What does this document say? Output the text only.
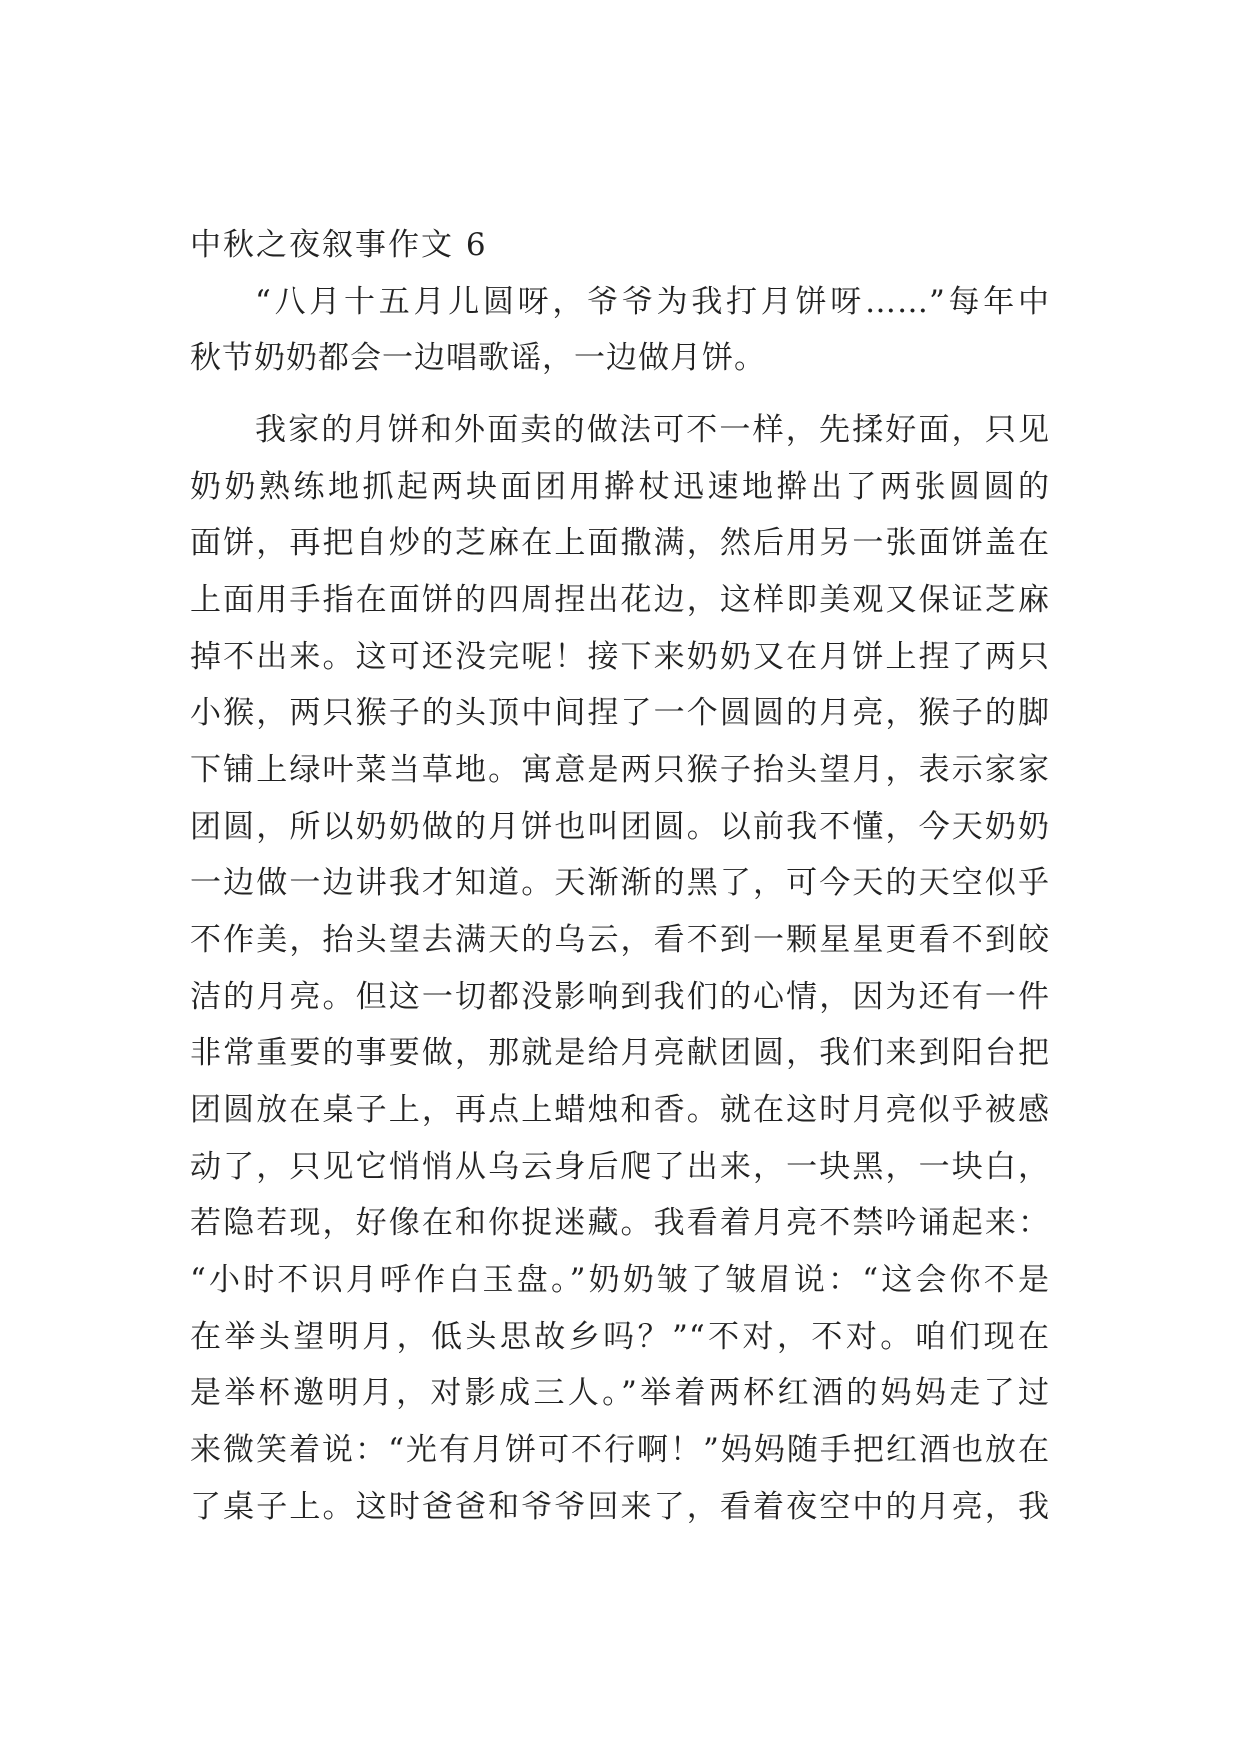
中秋之夜叙事作文 6
“八月十五月儿圆呀，爷爷为我打月饼呀……”每年中
秋节奶奶都会一边唱歌谣，一边做月饼。
我家的月饼和外面卖的做法可不一样，先揉好面，只见
奶奶熟练地抓起两块面团用擀杖迅速地擀出了两张圆圆的
面饼，再把自炒的芝麻在上面撒满，然后用另一张面饼盖在
上面用手指在面饼的四周捏出花边，这样即美观又保证芝麻
掉不出来。这可还没完呢！接下来奶奶又在月饼上捏了两只
小猴，两只猴子的头顶中间捏了一个圆圆的月亮，猴子的脚
下铺上绿叶菜当草地。寓意是两只猴子抬头望月，表示家家
团圆，所以奶奶做的月饼也叫团圆。以前我不懂，今天奶奶
一边做一边讲我才知道。天渐渐的黑了，可今天的天空似乎
不作美，抬头望去满天的乌云，看不到一颗星星更看不到皎
洁的月亮。但这一切都没影响到我们的心情，因为还有一件
非常重要的事要做，那就是给月亮献团圆，我们来到阳台把
团圆放在桌子上，再点上蜡烛和香。就在这时月亮似乎被感
动了，只见它悄悄从乌云身后爬了出来，一块黑，一块白，
若隐若现，好像在和你捉迷藏。我看着月亮不禁吟诵起来：
“小时不识月呼作白玉盘。”奶奶皱了皱眉说：“这会你不是
在举头望明月，低头思故乡吗？”“不对，不对。咱们现在
是举杯邀明月，对影成三人。”举着两杯红酒的妈妈走了过
来微笑着说：“光有月饼可不行啊！”妈妈随手把红酒也放在
了桌子上。这时爸爸和爷爷回来了，看着夜空中的月亮，我
